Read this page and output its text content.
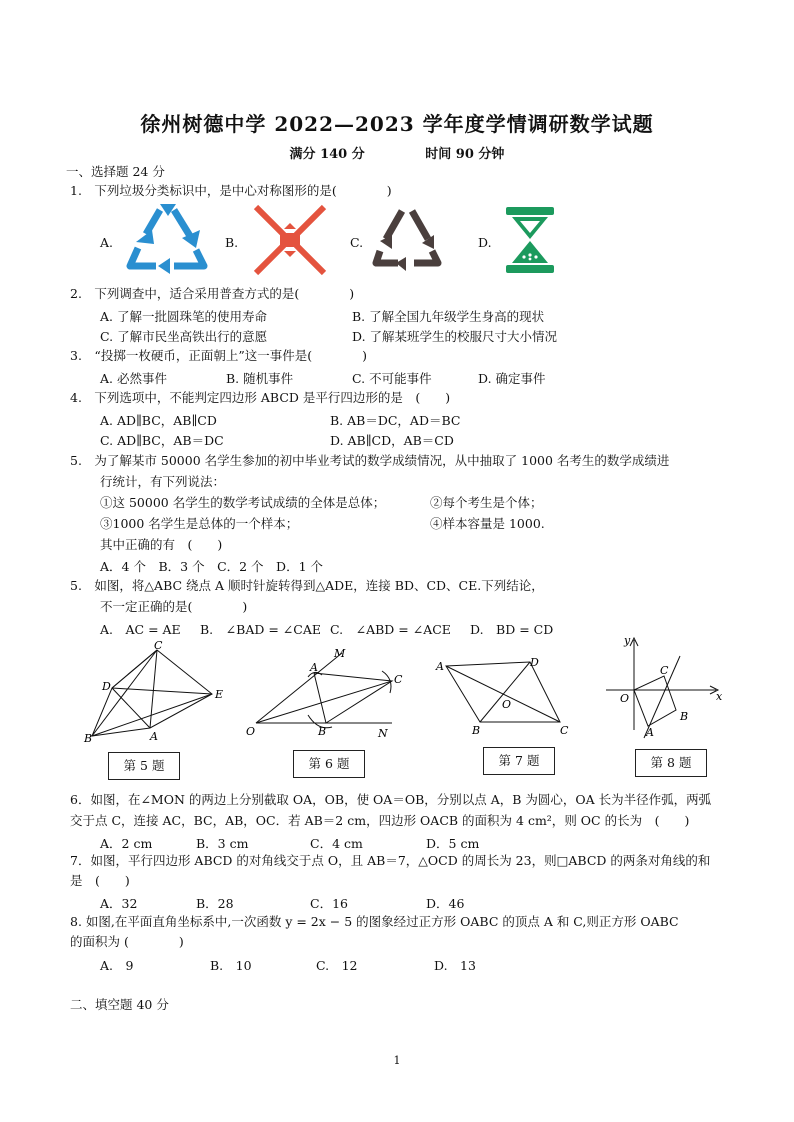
徐州树德中学 2022—2023 学年度学情调研数学试题
满分 140 分	时间 90 分钟
一、选择题 24 分
1.　下列垃圾分类标识中，是中心对称图形的是(　　　　)
A.	B.	C.	D.
2.　下列调查中，适合采用普查方式的是(　　　　)
A. 了解一批圆珠笔的使用寿命	B. 了解全国九年级学生身高的现状
C. 了解市民坐高铁出行的意愿	D. 了解某班学生的校服尺寸大小情况
3.　“投掷一枚硬币，正面朝上”这一事件是(　　　　)
A. 必然事件	B. 随机事件	C. 不可能事件	D. 确定事件
4.　下列选项中，不能判定四边形 ABCD 是平行四边形的是　(　　)
A. AD∥BC，AB∥CD	B. AB＝DC，AD＝BC
C. AD∥BC，AB＝DC	D. AB∥CD，AB＝CD
5.　为了解某市 50000 名学生参加的初中毕业考试的数学成绩情况，从中抽取了 1000 名考生的数学成绩进
行统计，有下列说法：
①这 50000 名学生的数学考试成绩的全体是总体；	②每个考生是个体；
③1000 名学生是总体的一个样本；	④样本容量是 1000.
其中正确的有　(　　)
A．4 个　B．3 个　C．2 个　D．1 个
5.　如图，将△ABC 绕点 A 顺时针旋转得到△ADE，连接 BD、CD、CE.下列结论，
不一定正确的是(　　　　)
A.　AC = AE B.　∠BAD = ∠CAE C.　∠ABD = ∠ACE D.　BD = CD
C
D
E
B	A
M
A
C
O	B	N
A	D
O
B	C
y
x
O
C
B
A
第 5 题	第 6 题	第 7 题	第 8 题
6．如图，在∠MON 的两边上分别截取 OA，OB，使 OA＝OB，分别以点 A，B 为圆心，OA 长为半径作弧，两弧
交于点 C，连接 AC，BC，AB，OC．若 AB＝2 cm，四边形 OACB 的面积为 4 cm²，则 OC 的长为　(　　)
A．2 cm	B．3 cm	C．4 cm	D．5 cm
7．如图，平行四边形 ABCD 的对角线交于点 O，且 AB＝7，△OCD 的周长为 23，则□ABCD 的两条对角线的和
是　(　　)
A．32	B．28	C．16	D．46
8. 如图,在平面直角坐标系中,一次函数 y = 2x − 5 的图象经过正方形 OABC 的顶点 A 和 C,则正方形 OABC
的面积为 (　　　　)
A.　9	B.　10	C.　12	D.　13
二、填空题 40 分
1
